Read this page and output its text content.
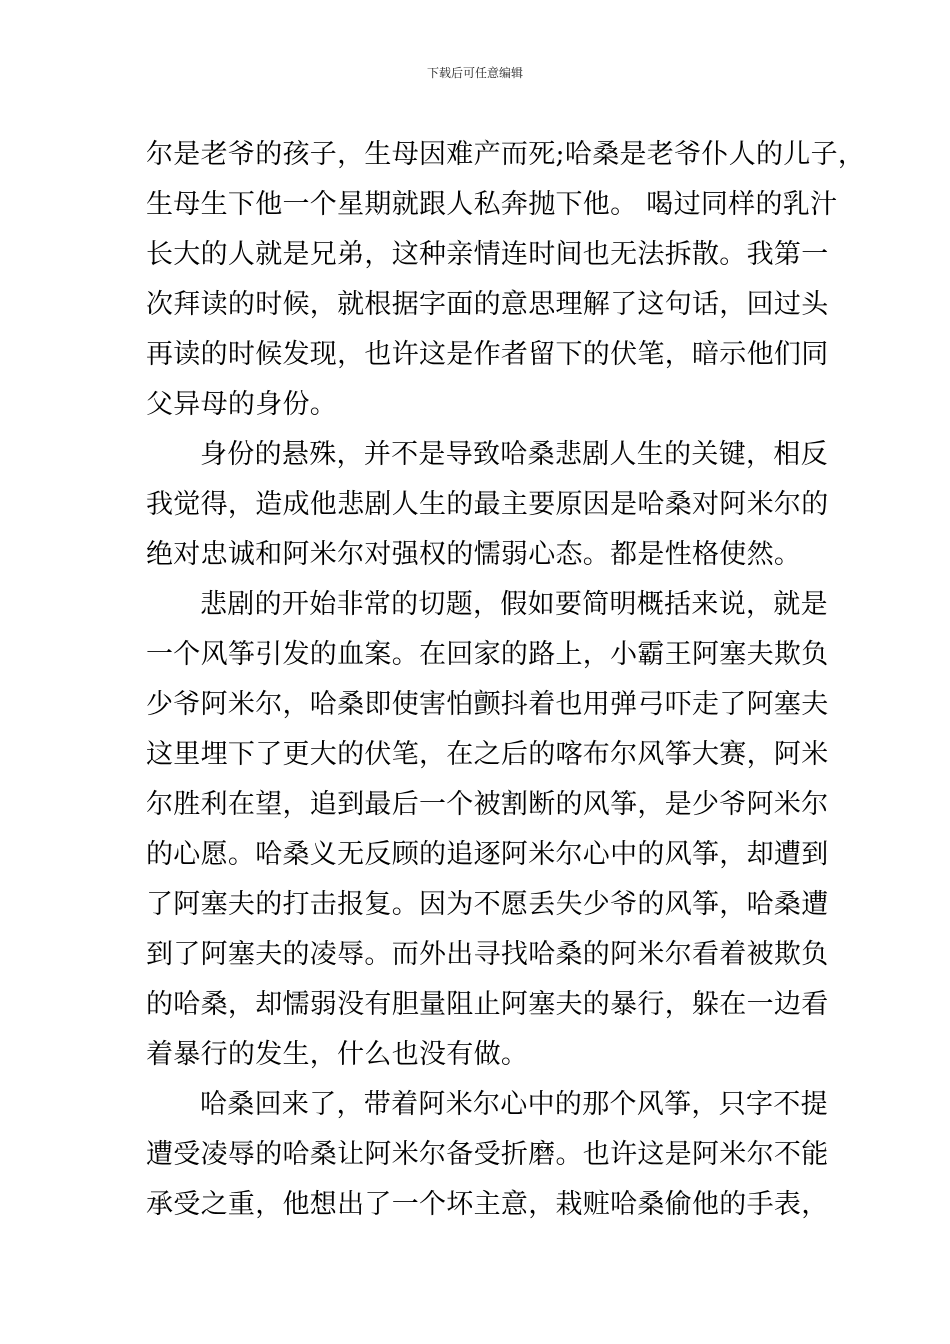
下载后可任意编辑
尔是老爷的孩子，生母因难产而死;哈桑是老爷仆人的儿子，
生母生下他一个星期就跟人私奔抛下他。 喝过同样的乳汁
长大的人就是兄弟，这种亲情连时间也无法拆散。我第一
次拜读的时候，就根据字面的意思理解了这句话，回过头
再读的时候发现，也许这是作者留下的伏笔，暗示他们同
父异母的身份。
身份的悬殊，并不是导致哈桑悲剧人生的关键，相反
我觉得，造成他悲剧人生的最主要原因是哈桑对阿米尔的
绝对忠诚和阿米尔对强权的懦弱心态。都是性格使然。
悲剧的开始非常的切题，假如要简明概括来说，就是
一个风筝引发的血案。在回家的路上，小霸王阿塞夫欺负
少爷阿米尔，哈桑即使害怕颤抖着也用弹弓吓走了阿塞夫
这里埋下了更大的伏笔，在之后的喀布尔风筝大赛，阿米
尔胜利在望，追到最后一个被割断的风筝，是少爷阿米尔
的心愿。哈桑义无反顾的追逐阿米尔心中的风筝，却遭到
了阿塞夫的打击报复。因为不愿丢失少爷的风筝，哈桑遭
到了阿塞夫的凌辱。而外出寻找哈桑的阿米尔看着被欺负
的哈桑，却懦弱没有胆量阻止阿塞夫的暴行，躲在一边看
着暴行的发生，什么也没有做。
哈桑回来了，带着阿米尔心中的那个风筝，只字不提
遭受凌辱的哈桑让阿米尔备受折磨。也许这是阿米尔不能
承受之重，他想出了一个坏主意，栽赃哈桑偷他的手表，
